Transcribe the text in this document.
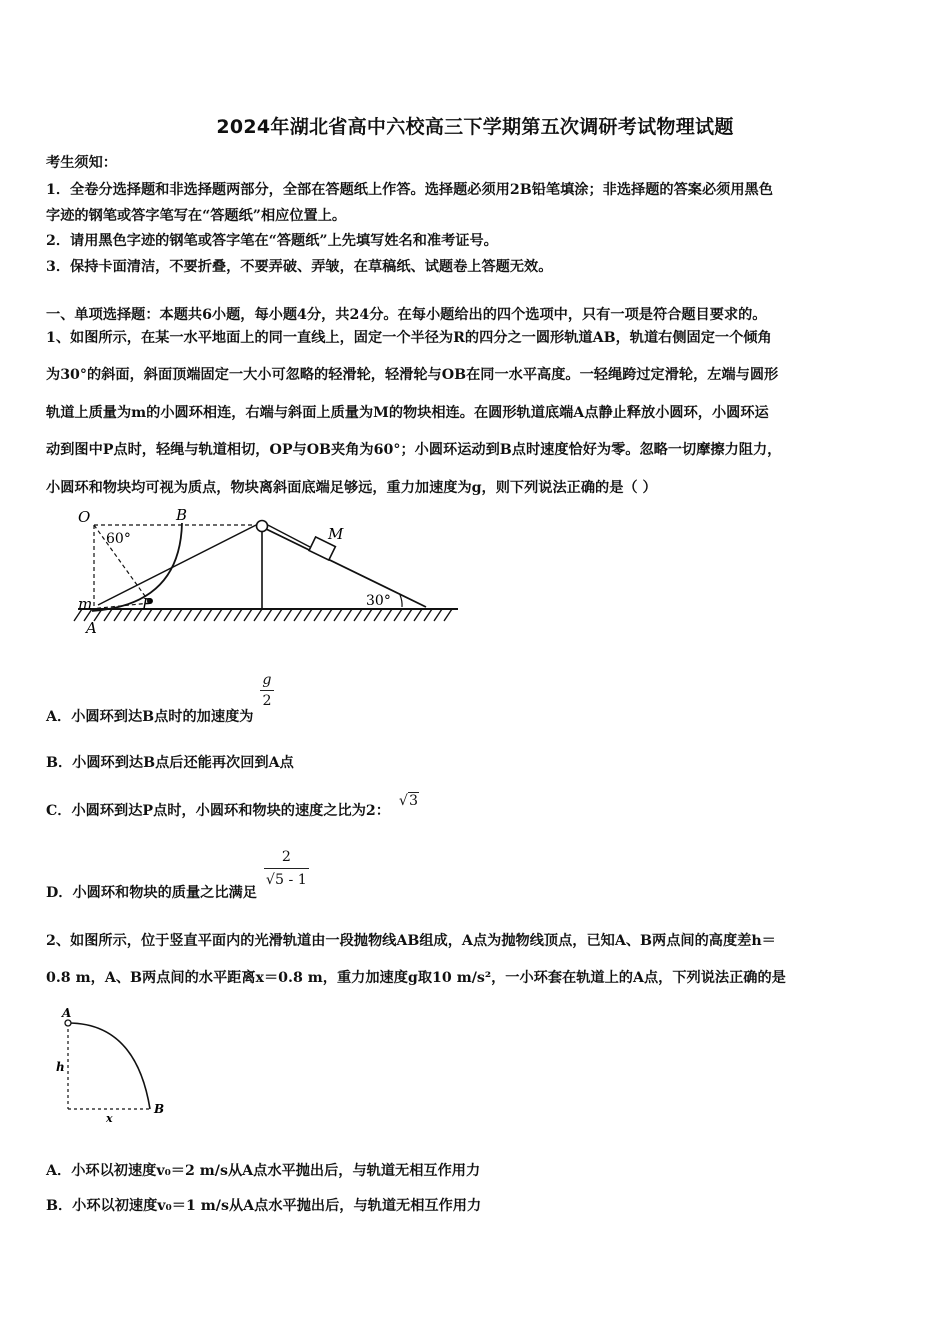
2024年湖北省高中六校高三下学期第五次调研考试物理试题
考生须知：
1．全卷分选择题和非选择题两部分，全部在答题纸上作答。选择题必须用2B铅笔填涂；非选择题的答案必须用黑色
字迹的钢笔或答字笔写在“答题纸”相应位置上。
2．请用黑色字迹的钢笔或答字笔在“答题纸”上先填写姓名和准考证号。
3．保持卡面清洁，不要折叠，不要弄破、弄皱，在草稿纸、试题卷上答题无效。
一、单项选择题：本题共6小题，每小题4分，共24分。在每小题给出的四个选项中，只有一项是符合题目要求的。
1、如图所示，在某一水平地面上的同一直线上，固定一个半径为R的四分之一圆形轨道AB，轨道右侧固定一个倾角
为30°的斜面，斜面顶端固定一大小可忽略的轻滑轮，轻滑轮与OB在同一水平高度。一轻绳跨过定滑轮，左端与圆形
轨道上质量为m的小圆环相连，右端与斜面上质量为M的物块相连。在圆形轨道底端A点静止释放小圆环，小圆环运
动到图中P点时，轻绳与轨道相切，OP与OB夹角为60°；小圆环运动到B点时速度恰好为零。忽略一切摩擦力阻力，
小圆环和物块均可视为质点，物块离斜面底端足够远，重力加速度为g，则下列说法正确的是（ ）
O	B
60°	M
m	P
A
30°
A．小圆环到达B点时的加速度为
$\frac{g}{2}$
B．小圆环到达B点后还能再次回到A点
C．小圆环到达P点时，小圆环和物块的速度之比为2： √3
D．小圆环和物块的质量之比满足
$\frac{2}{√5 - 1}$
2、如图所示，位于竖直平面内的光滑轨道由一段抛物线AB组成，A点为抛物线顶点，已知A、B两点间的高度差h＝
0.8 m，A、B两点间的水平距离x＝0.8 m，重力加速度g取10 m/s²，一小环套在轨道上的A点，下列说法正确的是
A
h
x
B
A．小环以初速度v₀＝2 m/s从A点水平抛出后，与轨道无相互作用力
B．小环以初速度v₀＝1 m/s从A点水平抛出后，与轨道无相互作用力
